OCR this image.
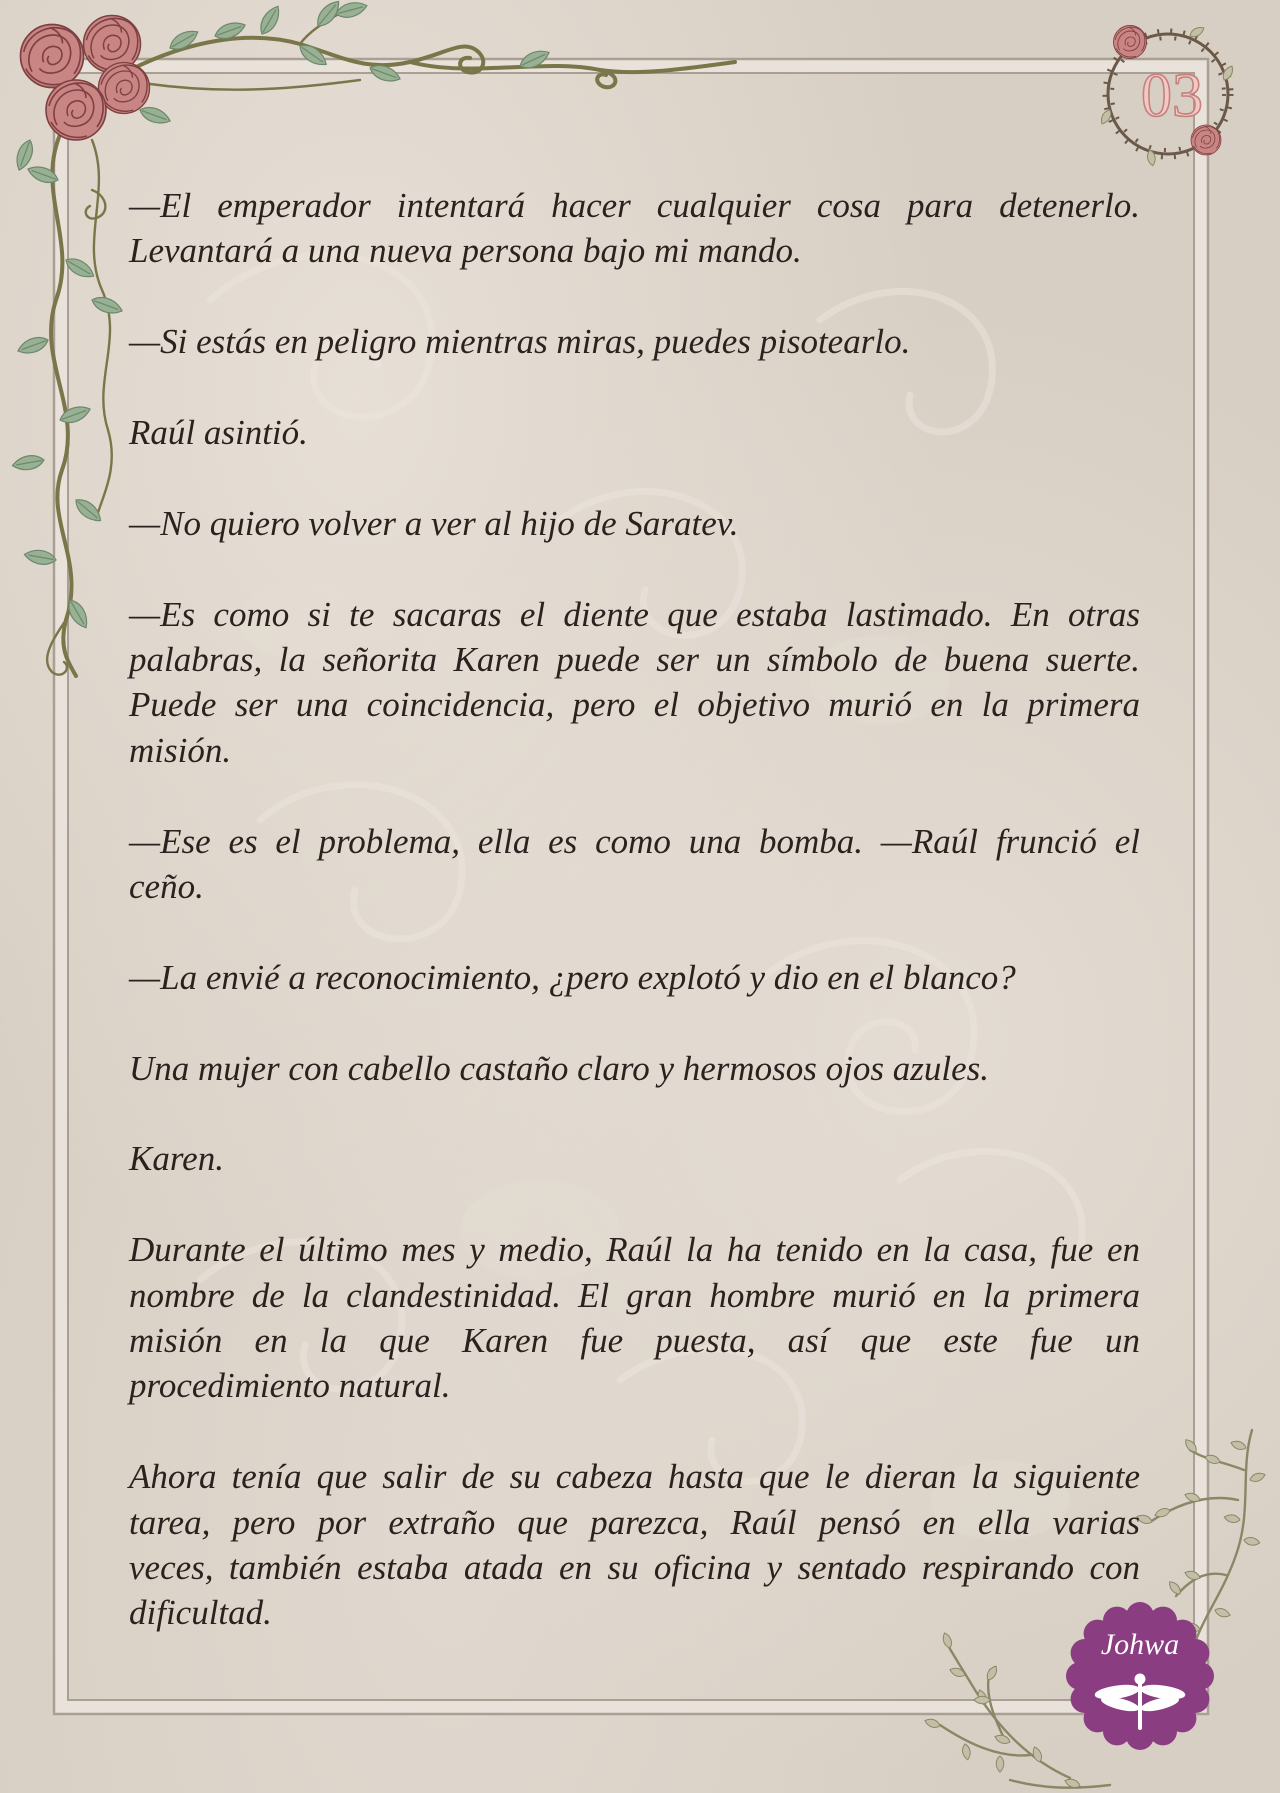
03
Johwa
—El emperador intentará hacer cualquier cosa para detenerlo.
Levantará a una nueva persona bajo mi mando.
—Si estás en peligro mientras miras, puedes pisotearlo.
Raúl asintió.
—No quiero volver a ver al hijo de Saratev.
—Es como si te sacaras el diente que estaba lastimado. En otras
palabras, la señorita Karen puede ser un símbolo de buena suerte.
Puede ser una coincidencia, pero el objetivo murió en la primera
misión.
—Ese es el problema, ella es como una bomba. —Raúl frunció el
ceño.
—La envié a reconocimiento, ¿pero explotó y dio en el blanco?
Una mujer con cabello castaño claro y hermosos ojos azules.
Karen.
Durante el último mes y medio, Raúl la ha tenido en la casa, fue en
nombre de la clandestinidad. El gran hombre murió en la primera
misión en la que Karen fue puesta, así que este fue un
procedimiento natural.
Ahora tenía que salir de su cabeza hasta que le dieran la siguiente
tarea, pero por extraño que parezca, Raúl pensó en ella varias
veces, también estaba atada en su oficina y sentado respirando con
dificultad.
